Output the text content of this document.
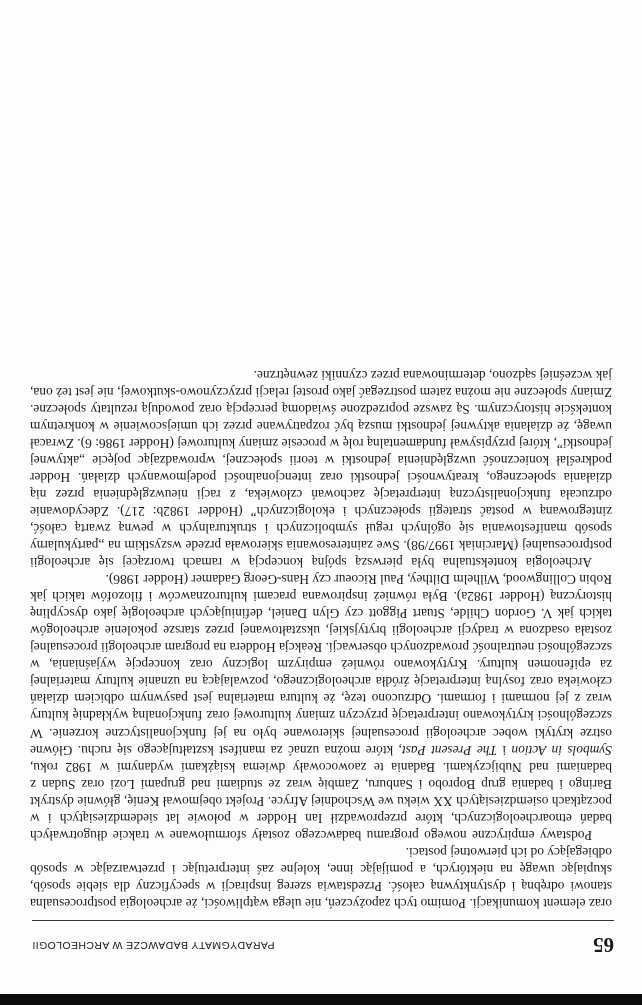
65
PARADYGMATY BADAWCZE W ARCHEOLOGII

oraz element komunikacji. Pomimo tych zapożyczeń, nie ulega wątpliwości, że archeologia postprocesualna stanowi odrębną i dystynktywną całość. Przedstawia szereg inspiracji w specyficzny dla siebie sposób, skupiając uwagę na niektórych, a pomijając inne, kolejne zaś interpretując i przetwarzając w sposób odbiegający od ich pierwotnej postaci.

Podstawy empiryczne nowego programu badawczego zostały sformułowane w trakcie długotrwałych badań etnoarcheologicznych, które przeprowadził Ian Hodder w połowie lat siedemdziesiątych i w początkach osiemdziesiątych XX wieku we Wschodniej Afryce. Projekt obejmował Kenię, głównie dystrykt Baringo i badania grup Boprobo i Sanburu, Zambię wraz ze studiami nad grupami Lozi oraz Sudan z badaniami nad Nubijczykami. Badania te zaowocowały dwiema książkami wydanymi w 1982 roku, Symbols in Action i The Present Past, które można uznać za manifest kształtującego się ruchu. Główne ostrze krytyki wobec archeologii procesualnej skierowane było na jej funkcjonalistyczne korzenie. W szczególności krytykowano interpretację przyczyn zmiany kulturowej oraz funkcjonalną wykładnię kultury wraz z jej normami i formami. Odrzucono tezę, że kultura materialna jest pasywnym odbiciem działań człowieka oraz fosylną interpretację źródła archeologicznego, pozwalającą na uznanie kultury materialnej za epifenomen kultury. Krytykowano również empiryzm logiczny oraz koncepcję wyjaśniania, w szczególności neutralność prowadzonych obserwacji. Reakcja Hoddera na program archeologii procesualnej została osadzona w tradycji archeologii brytyjskiej, ukształtowanej przez starsze pokolenie archeologów takich jak V. Gordon Childe, Stuart Piggott czy Glyn Daniel, definiujących archeologię jako dyscyplinę historyczną (Hodder 1982a). Była również inspirowana pracami kulturoznawców i filozofów takich jak Robin Collingwood, Wilhelm Dilthey, Paul Ricoeur czy Hans-Georg Gadamer (Hodder 1986).

Archeologia kontekstualna była pierwszą spójną koncepcją w ramach tworzącej się archeologii postprocesualnej (Marciniak 1997/98). Swe zainteresowania skierowała przede wszystkim na „partykularny sposób manifestowania się ogólnych reguł symbolicznych i strukturalnych w pewną zwartą całość, zintegrowaną w postać strategii społecznych i ekologicznych” (Hodder 1982b: 217). Zdecydowanie odrzucała funkcjonalistyczną interpretację zachowań człowieka, z racji nieuwzględnienia przez nią działania społecznego, kreatywności jednostki oraz intencjonalności podejmowanych działań. Hodder podkreślał konieczność uwzględnienia jednostki w teorii społecznej, wprowadzając pojęcie „aktywnej jednostki”, której przypisywał fundamentalną rolę w procesie zmiany kulturowej (Hodder 1986: 6). Zwracał uwagę, że działania aktywnej jednostki muszą być rozpatrywane przez ich umiejscowienie w konkretnym kontekście historycznym. Są zawsze poprzedzone świadomą percepcją oraz powodują rezultaty społeczne. Zmiany społeczne nie można zatem postrzegać jako prostej relacji przyczynowo-skutkowej, nie jest też ona, jak wcześniej sądzono, determinowana przez czynniki zewnętrzne.
